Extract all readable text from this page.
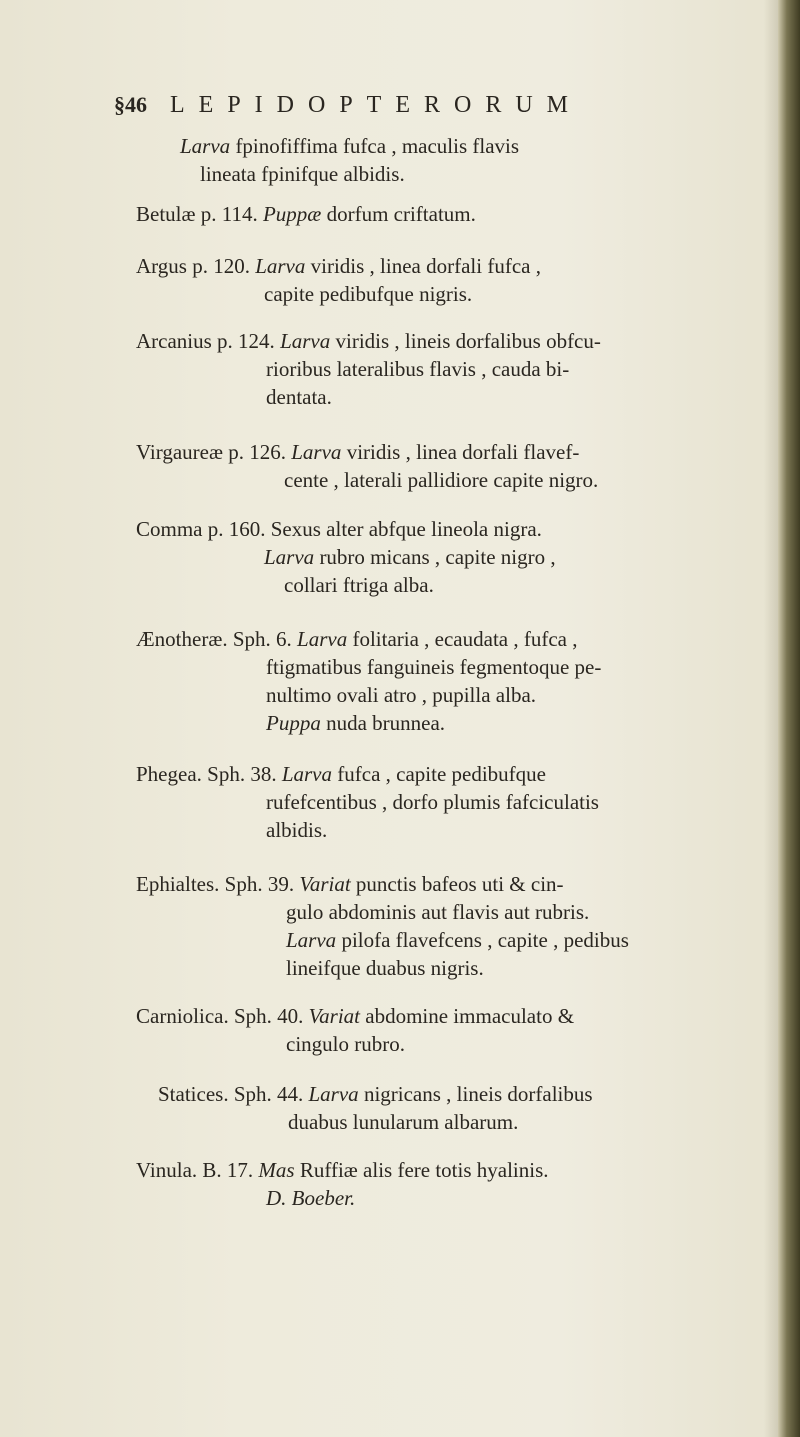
§46 LEPIDOPTERORUM
Larva fpinofiffima fufca , maculis flavis
lineata fpinifque albidis.
Betulæ p. 114. Puppæ dorfum criftatum.
Argus p. 120. Larva viridis , linea dorfali fufca ,
capite pedibufque nigris.
Arcanius p. 124. Larva viridis , lineis dorfalibus obfcu-
rioribus lateralibus flavis , cauda bi-
dentata.
Virgaureæ p. 126. Larva viridis , linea dorfali flavef-
cente , laterali pallidiore capite nigro.
Comma p. 160. Sexus alter abfque lineola nigra.
Larva rubro micans , capite nigro ,
collari ftriga alba.
Ænotheræ. Sph. 6. Larva folitaria , ecaudata , fufca ,
ftigmatibus fanguineis fegmentoque pe-
nultimo ovali atro , pupilla alba.
Puppa nuda brunnea.
Phegea. Sph. 38. Larva fufca , capite pedibufque
rufefcentibus , dorfo plumis fafciculatis
albidis.
Ephialtes. Sph. 39. Variat punctis bafeos uti & cin-
gulo abdominis aut flavis aut rubris.
Larva pilofa flavefcens , capite , pedibus
lineifque duabus nigris.
Carniolica. Sph. 40. Variat abdomine immaculato &
cingulo rubro.
Statices. Sph. 44. Larva nigricans , lineis dorfalibus
duabus lunularum albarum.
Vinula. B. 17. Mas Ruffiæ alis fere totis hyalinis.
D. Boeber.
